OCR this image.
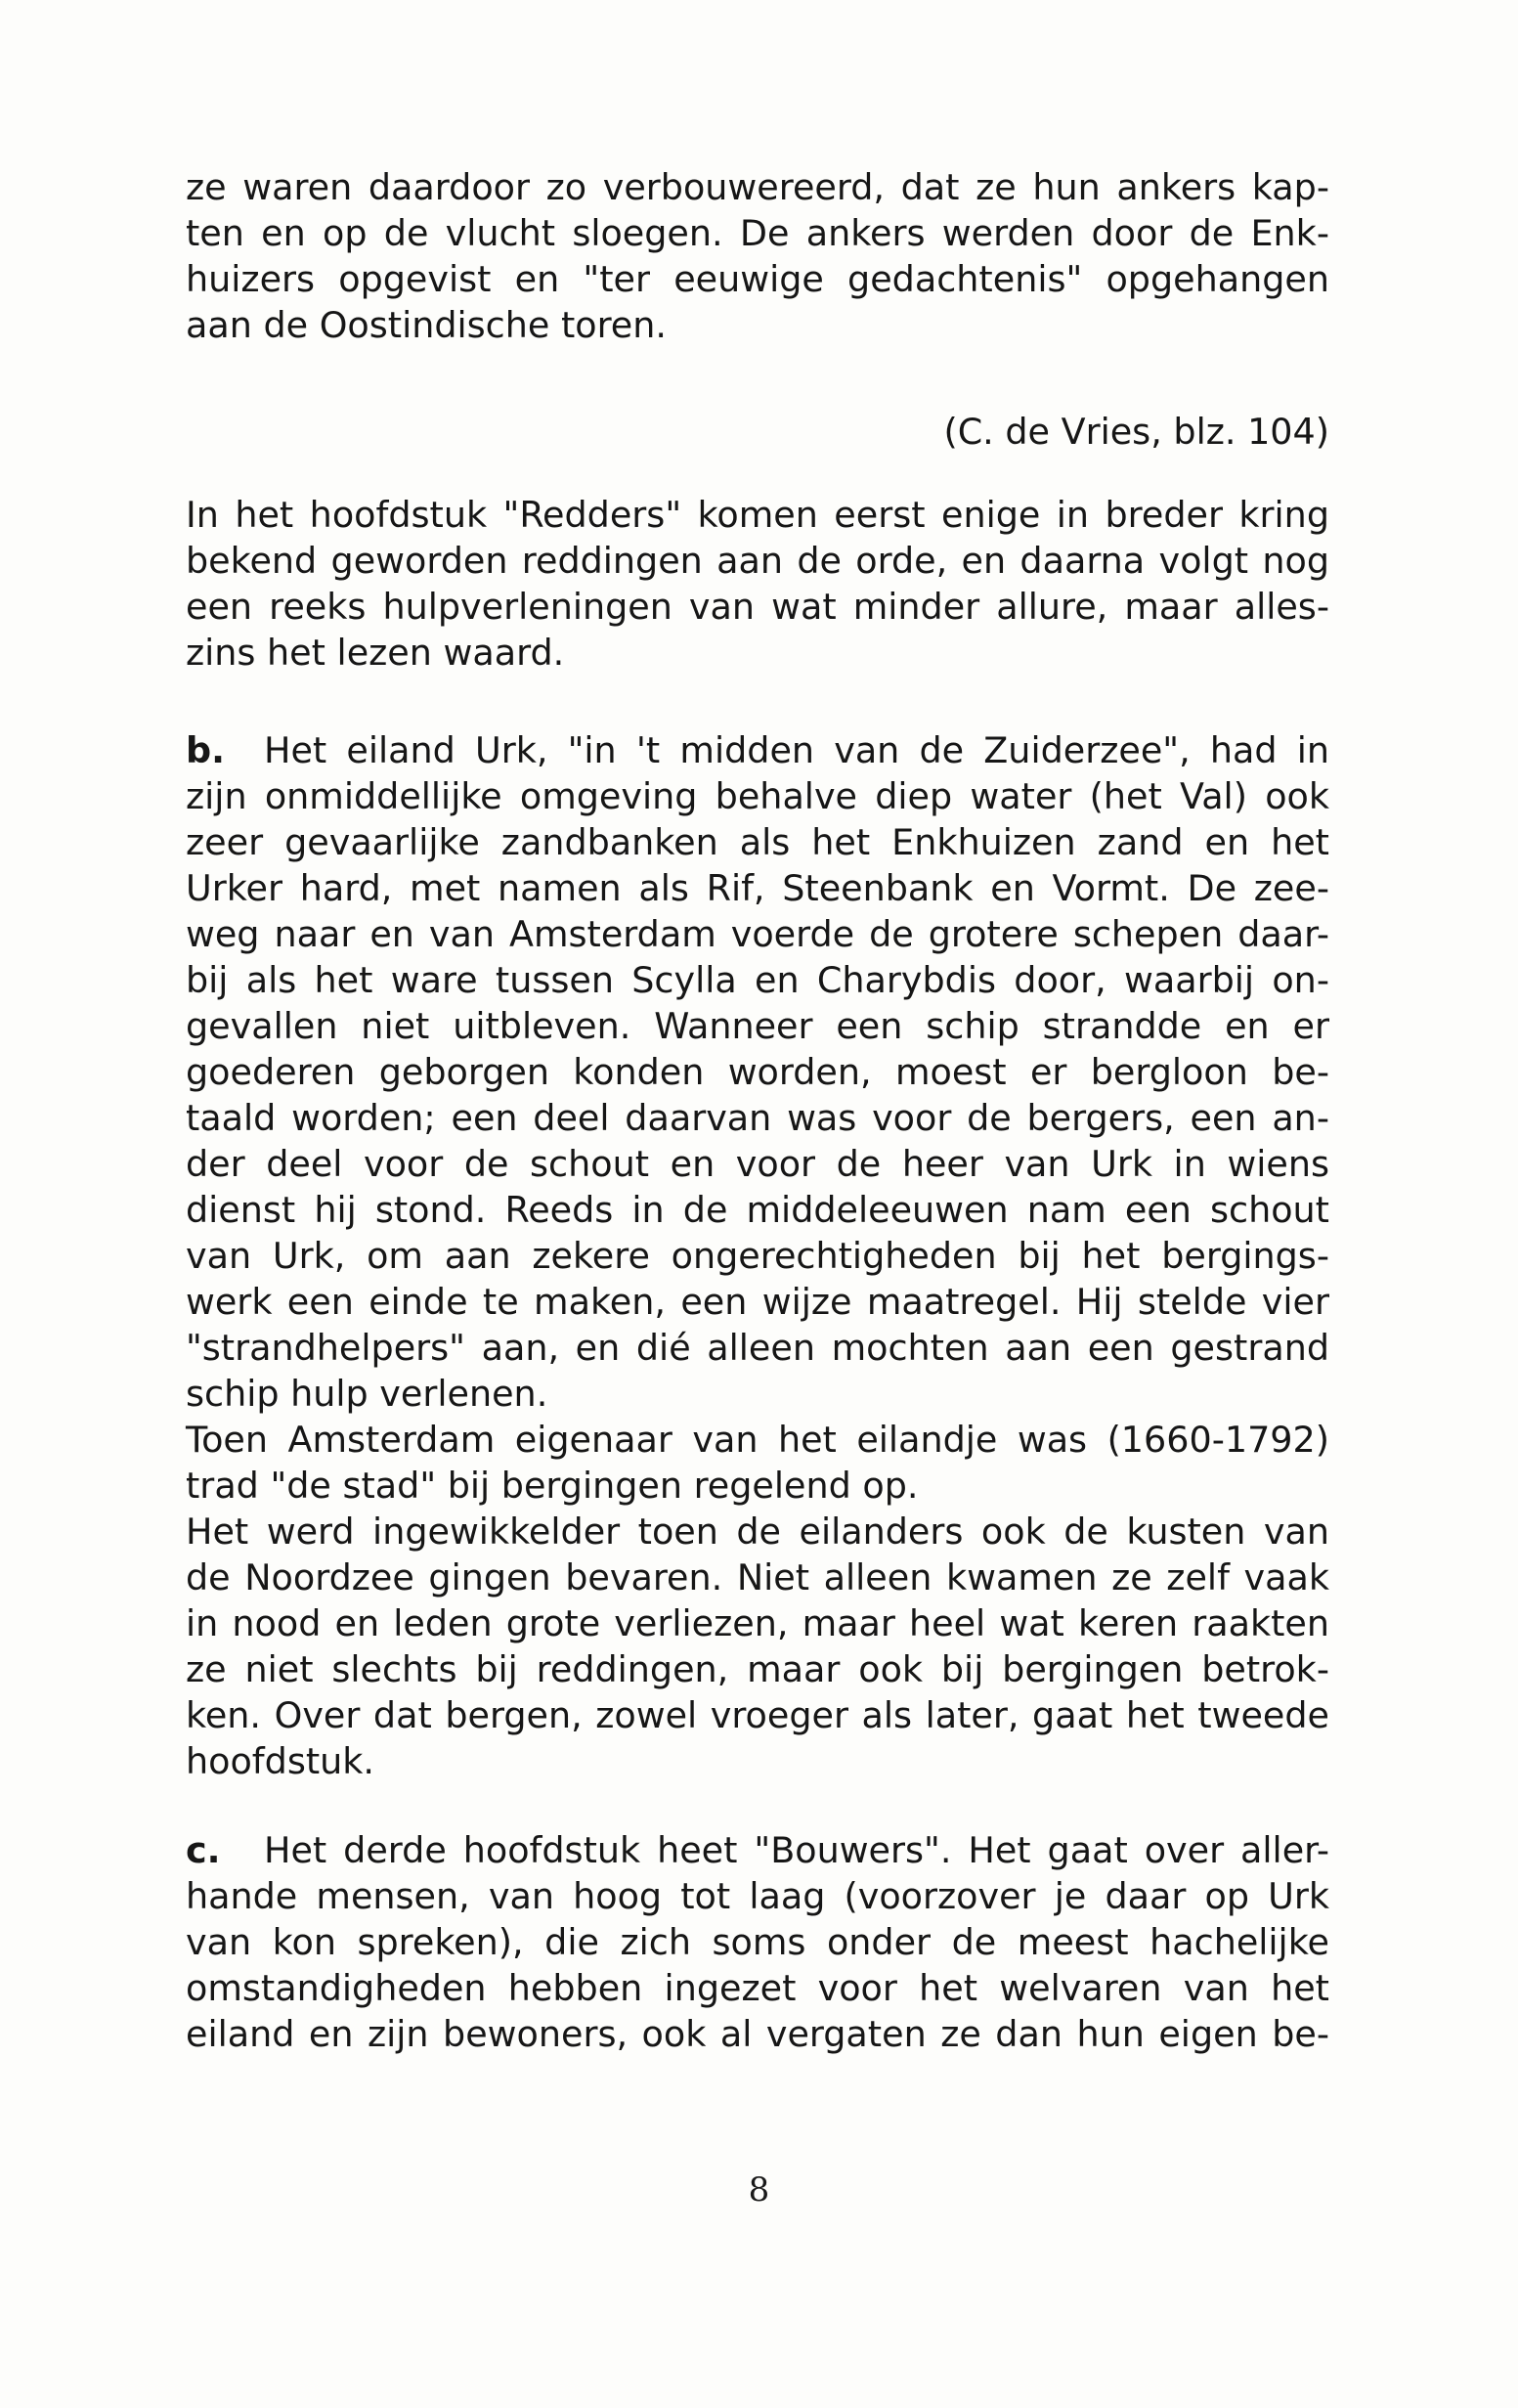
ze waren daardoor zo verbouwereerd, dat ze hun ankers kap-
ten en op de vlucht sloegen. De ankers werden door de Enk-
huizers opgevist en "ter eeuwige gedachtenis" opgehangen
aan de Oostindische toren.
(C. de Vries, blz. 104)
In het hoofdstuk "Redders" komen eerst enige in breder kring
bekend geworden reddingen aan de orde, en daarna volgt nog
een reeks hulpverleningen van wat minder allure, maar alles-
zins het lezen waard.
b. Het eiland Urk, "in 't midden van de Zuiderzee", had in
zijn onmiddellijke omgeving behalve diep water (het Val) ook
zeer gevaarlijke zandbanken als het Enkhuizen zand en het
Urker hard, met namen als Rif, Steenbank en Vormt. De zee-
weg naar en van Amsterdam voerde de grotere schepen daar-
bij als het ware tussen Scylla en Charybdis door, waarbij on-
gevallen niet uitbleven. Wanneer een schip strandde en er
goederen geborgen konden worden, moest er bergloon be-
taald worden; een deel daarvan was voor de bergers, een an-
der deel voor de schout en voor de heer van Urk in wiens
dienst hij stond. Reeds in de middeleeuwen nam een schout
van Urk, om aan zekere ongerechtigheden bij het bergings-
werk een einde te maken, een wijze maatregel. Hij stelde vier
"strandhelpers" aan, en dié alleen mochten aan een gestrand
schip hulp verlenen.
Toen Amsterdam eigenaar van het eilandje was (1660-1792)
trad "de stad" bij bergingen regelend op.
Het werd ingewikkelder toen de eilanders ook de kusten van
de Noordzee gingen bevaren. Niet alleen kwamen ze zelf vaak
in nood en leden grote verliezen, maar heel wat keren raakten
ze niet slechts bij reddingen, maar ook bij bergingen betrok-
ken. Over dat bergen, zowel vroeger als later, gaat het tweede
hoofdstuk.
c. Het derde hoofdstuk heet "Bouwers". Het gaat over aller-
hande mensen, van hoog tot laag (voorzover je daar op Urk
van kon spreken), die zich soms onder de meest hachelijke
omstandigheden hebben ingezet voor het welvaren van het
eiland en zijn bewoners, ook al vergaten ze dan hun eigen be-
8
